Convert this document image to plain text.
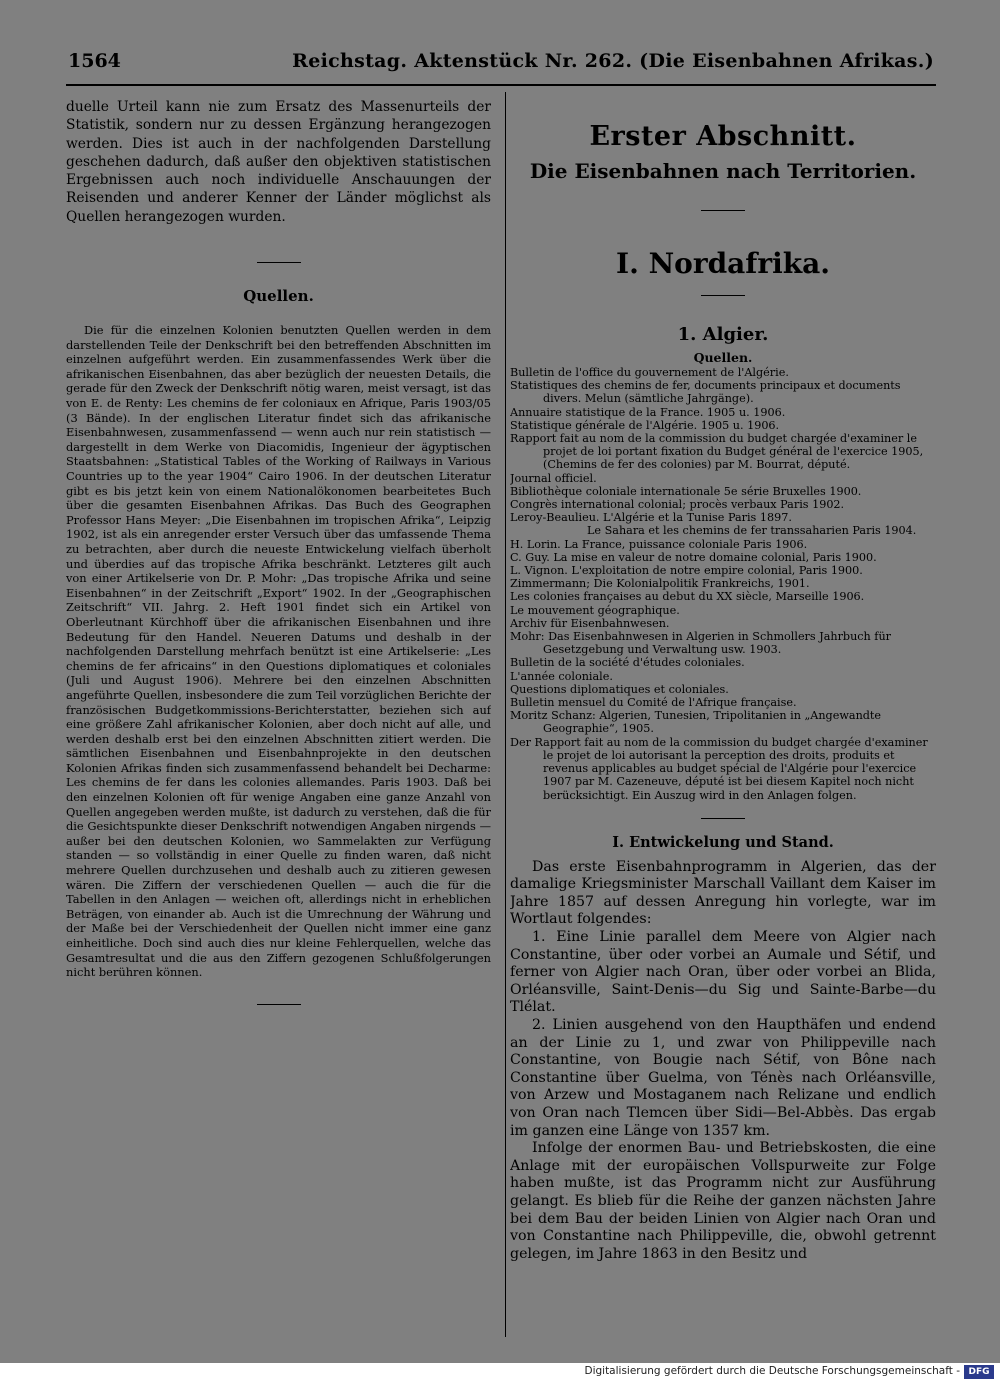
1564	Reichstag. Aktenstück Nr. 262. (Die Eisenbahnen Afrikas.)

duelle Urteil kann nie zum Ersatz des Massenurteils der Statistik, sondern nur zu dessen Ergänzung herangezogen werden. Dies ist auch in der nachfolgenden Darstellung geschehen dadurch, daß außer den objektiven statistischen Ergebnissen auch noch individuelle Anschauungen der Reisenden und anderer Kenner der Länder möglichst als Quellen herangezogen wurden.

Quellen.

Die für die einzelnen Kolonien benutzten Quellen werden in dem darstellenden Teile der Denkschrift bei den betreffenden Abschnitten im einzelnen aufgeführt werden. Ein zusammenfassendes Werk über die afrikanischen Eisenbahnen, das aber bezüglich der neuesten Details, die gerade für den Zweck der Denkschrift nötig waren, meist versagt, ist das von E. de Renty: Les chemins de fer coloniaux en Afrique, Paris 1903/05 (3 Bände). In der englischen Literatur findet sich das afrikanische Eisenbahnwesen, zusammenfassend — wenn auch nur rein statistisch — dargestellt in dem Werke von Diacomidis, Ingenieur der ägyptischen Staatsbahnen: „Statistical Tables of the Working of Railways in Various Countries up to the year 1904“ Cairo 1906. In der deutschen Literatur gibt es bis jetzt kein von einem Nationalökonomen bearbeitetes Buch über die gesamten Eisenbahnen Afrikas. Das Buch des Geographen Professor Hans Meyer: „Die Eisenbahnen im tropischen Afrika“, Leipzig 1902, ist als ein anregender erster Versuch über das umfassende Thema zu betrachten, aber durch die neueste Entwickelung vielfach überholt und überdies auf das tropische Afrika beschränkt. Letzteres gilt auch von einer Artikelserie von Dr. P. Mohr: „Das tropische Afrika und seine Eisenbahnen“ in der Zeitschrift „Export“ 1902. In der „Geographischen Zeitschrift“ VII. Jahrg. 2. Heft 1901 findet sich ein Artikel von Oberleutnant Kürchhoff über die afrikanischen Eisenbahnen und ihre Bedeutung für den Handel. Neueren Datums und deshalb in der nachfolgenden Darstellung mehrfach benützt ist eine Artikelserie: „Les chemins de fer africains“ in den Questions diplomatiques et coloniales (Juli und August 1906). Mehrere bei den einzelnen Abschnitten angeführte Quellen, insbesondere die zum Teil vorzüglichen Berichte der französischen Budgetkommissions-Berichterstatter, beziehen sich auf eine größere Zahl afrikanischer Kolonien, aber doch nicht auf alle, und werden deshalb erst bei den einzelnen Abschnitten zitiert werden. Die sämtlichen Eisenbahnen und Eisenbahnprojekte in den deutschen Kolonien Afrikas finden sich zusammenfassend behandelt bei Decharme: Les chemins de fer dans les colonies allemandes. Paris 1903. Daß bei den einzelnen Kolonien oft für wenige Angaben eine ganze Anzahl von Quellen angegeben werden mußte, ist dadurch zu verstehen, daß die für die Gesichtspunkte dieser Denkschrift notwendigen Angaben nirgends — außer bei den deutschen Kolonien, wo Sammelakten zur Verfügung standen — so vollständig in einer Quelle zu finden waren, daß nicht mehrere Quellen durchzusehen und deshalb auch zu zitieren gewesen wären. Die Ziffern der verschiedenen Quellen — auch die für die Tabellen in den Anlagen — weichen oft, allerdings nicht in erheblichen Beträgen, von einander ab. Auch ist die Umrechnung der Währung und der Maße bei der Verschiedenheit der Quellen nicht immer eine ganz einheitliche. Doch sind auch dies nur kleine Fehlerquellen, welche das Gesamtresultat und die aus den Ziffern gezogenen Schlußfolgerungen nicht berühren können.

Erster Abschnitt.

Die Eisenbahnen nach Territorien.

I. Nordafrika.

1. Algier.

Quellen.

Bulletin de l'office du gouvernement de l'Algérie.

Statistiques des chemins de fer, documents principaux et documents divers. Melun (sämtliche Jahrgänge).

Annuaire statistique de la France. 1905 u. 1906.

Statistique générale de l'Algérie. 1905 u. 1906.

Rapport fait au nom de la commission du budget chargée d'examiner le projet de loi portant fixation du Budget général de l'exercice 1905, (Chemins de fer des colonies) par M. Bourrat, député.

Journal officiel.

Bibliothèque coloniale internationale 5e série Bruxelles 1900.

Congrès international colonial; procès verbaux Paris 1902.

Leroy-Beaulieu. L'Algérie et la Tunise Paris 1897.

Le Sahara et les chemins de fer transsaharien Paris 1904.

H. Lorin. La France, puissance coloniale Paris 1906.

C. Guy. La mise en valeur de notre domaine colonial, Paris 1900.

L. Vignon. L'exploitation de notre empire colonial, Paris 1900.

Zimmermann; Die Kolonialpolitik Frankreichs, 1901.

Les colonies françaises au debut du XX siècle, Marseille 1906.

Le mouvement géographique.

Archiv für Eisenbahnwesen.

Mohr: Das Eisenbahnwesen in Algerien in Schmollers Jahrbuch für Gesetzgebung und Verwaltung usw. 1903.

Bulletin de la société d'études coloniales.

L'année coloniale.

Questions diplomatiques et coloniales.

Bulletin mensuel du Comité de l'Afrique française.

Moritz Schanz: Algerien, Tunesien, Tripolitanien in „Angewandte Geographie“, 1905.

Der Rapport fait au nom de la commission du budget chargée d'examiner le projet de loi autorisant la perception des droits, produits et revenus applicables au budget spécial de l'Algérie pour l'exercice 1907 par M. Cazeneuve, député ist bei diesem Kapitel noch nicht berücksichtigt. Ein Auszug wird in den Anlagen folgen.

I. Entwickelung und Stand.

Das erste Eisenbahnprogramm in Algerien, das der damalige Kriegsminister Marschall Vaillant dem Kaiser im Jahre 1857 auf dessen Anregung hin vorlegte, war im Wortlaut folgendes:

1. Eine Linie parallel dem Meere von Algier nach Constantine, über oder vorbei an Aumale und Sétif, und ferner von Algier nach Oran, über oder vorbei an Blida, Orléansville, Saint-Denis—du Sig und Sainte-Barbe—du Tlélat.

2. Linien ausgehend von den Haupthäfen und endend an der Linie zu 1, und zwar von Philippeville nach Constantine, von Bougie nach Sétif, von Bône nach Constantine über Guelma, von Ténès nach Orléansville, von Arzew und Mostaganem nach Relizane und endlich von Oran nach Tlemcen über Sidi—Bel-Abbès. Das ergab im ganzen eine Länge von 1357 km.

Infolge der enormen Bau- und Betriebskosten, die eine Anlage mit der europäischen Vollspurweite zur Folge haben mußte, ist das Programm nicht zur Ausführung gelangt. Es blieb für die Reihe der ganzen nächsten Jahre bei dem Bau der beiden Linien von Algier nach Oran und von Constantine nach Philippeville, die, obwohl getrennt gelegen, im Jahre 1863 in den Besitz und

Digitalisierung gefördert durch die Deutsche Forschungsgemeinschaft - DFG
